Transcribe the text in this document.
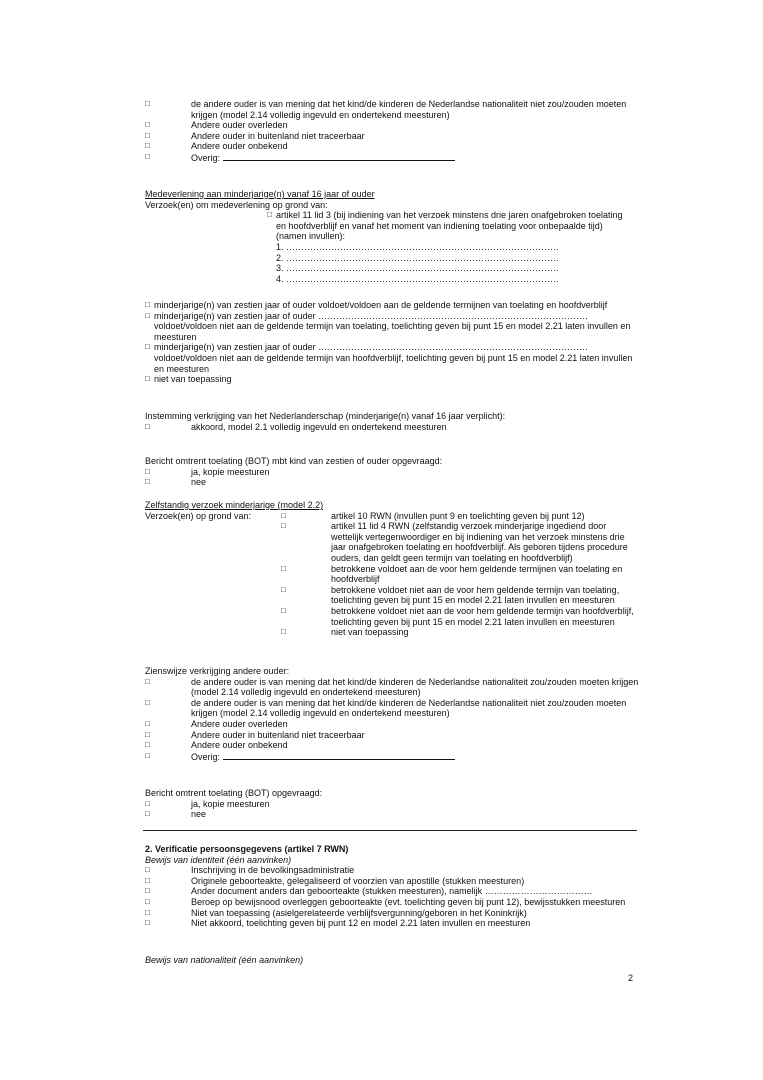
□	de andere ouder is van mening dat het kind/de kinderen de Nederlandse nationaliteit niet zou/zouden moeten krijgen (model 2.14 volledig ingevuld en ondertekend meesturen)
□	Andere ouder overleden
□	Andere ouder in buitenland niet traceerbaar
□	Andere ouder onbekend
□	Overig:
Medeverlening aan minderjarige(n) vanaf 16 jaar of ouder
Verzoek(en) om medeverlening op grond van:
□ artikel 11 lid 3 (bij indiening van het verzoek minstens drie jaren onafgebroken toelating en hoofdverblijf en vanaf het moment van indiening toelating voor onbepaalde tijd) (namen invullen):
1. ……………………………………………………………………………….
2. ……………………………………………………………………………….
3. ……………………………………………………………………………….
4. ……………………………………………………………………………….
□ minderjarige(n) van zestien jaar of ouder voldoet/voldoen aan de geldende termijnen van toelating en hoofdverblijf
□ minderjarige(n) van zestien jaar of ouder ……………………………………………………………………………… voldoet/voldoen niet aan de geldende termijn van toelating, toelichting geven bij punt 15 en model 2.21 laten invullen en meesturen
□ minderjarige(n) van zestien jaar of ouder ……………………………………………………………………………… voldoet/voldoen niet aan de geldende termijn van hoofdverblijf, toelichting geven bij punt 15 en model 2.21 laten invullen en meesturen
□ niet van toepassing
Instemming verkrijging van het Nederlanderschap (minderjarige(n) vanaf 16 jaar verplicht):
□	akkoord, model 2.1 volledig ingevuld en ondertekend meesturen
Bericht omtrent toelating (BOT) mbt kind van zestien of ouder opgevraagd:
□	ja, kopie meesturen
□	nee
Zelfstandig verzoek minderjarige (model 2.2)
Verzoek(en) op grond van:	□	artikel 10 RWN (invullen punt 9 en toelichting geven bij punt 12)
□	artikel 11 lid 4 RWN (zelfstandig verzoek minderjarige ingediend door wettelijk vertegenwoordiger en bij indiening van het verzoek minstens drie jaar onafgebroken toelating en hoofdverblijf. Als geboren tijdens procedure ouders, dan geldt geen termijn van toelating en hoofdverblijf)
□	betrokkene voldoet aan de voor hem geldende termijnen van toelating en hoofdverblijf
□	betrokkene voldoet niet aan de voor hem geldende termijn van toelating, toelichting geven bij punt 15 en model 2.21 laten invullen en meesturen
□	betrokkene voldoet niet aan de voor hem geldende termijn van hoofdverblijf, toelichting geven bij punt 15 en model 2.21 laten invullen en meesturen
□	niet van toepassing
Zienswijze verkrijging andere ouder:
□	de andere ouder is van mening dat het kind/de kinderen de Nederlandse nationaliteit zou/zouden moeten krijgen (model 2.14 volledig ingevuld en ondertekend meesturen)
□	de andere ouder is van mening dat het kind/de kinderen de Nederlandse nationaliteit niet zou/zouden moeten krijgen (model 2.14 volledig ingevuld en ondertekend meesturen)
□	Andere ouder overleden
□	Andere ouder in buitenland niet traceerbaar
□	Andere ouder onbekend
□	Overig:
Bericht omtrent toelating (BOT) opgevraagd:
□	ja, kopie meesturen
□	nee
2. Verificatie persoonsgegevens (artikel 7 RWN)
Bewijs van identiteit (één aanvinken)
□	Inschrijving in de bevolkingsadministratie
□	Originele geboorteakte, gelegaliseerd of voorzien van apostille (stukken meesturen)
□	Ander document anders dan geboorteakte (stukken meesturen), namelijk ………………………………
□	Beroep op bewijsnood overleggen geboorteakte (evt. toelichting geven bij punt 12), bewijsstukken meesturen
□	Niet van toepassing (asielgerelateerde verblijfsvergunning/geboren in het Koninkrijk)
□	Niet akkoord, toelichting geven bij punt 12 en model 2.21 laten invullen en meesturen
Bewijs van nationaliteit (één aanvinken)
2
